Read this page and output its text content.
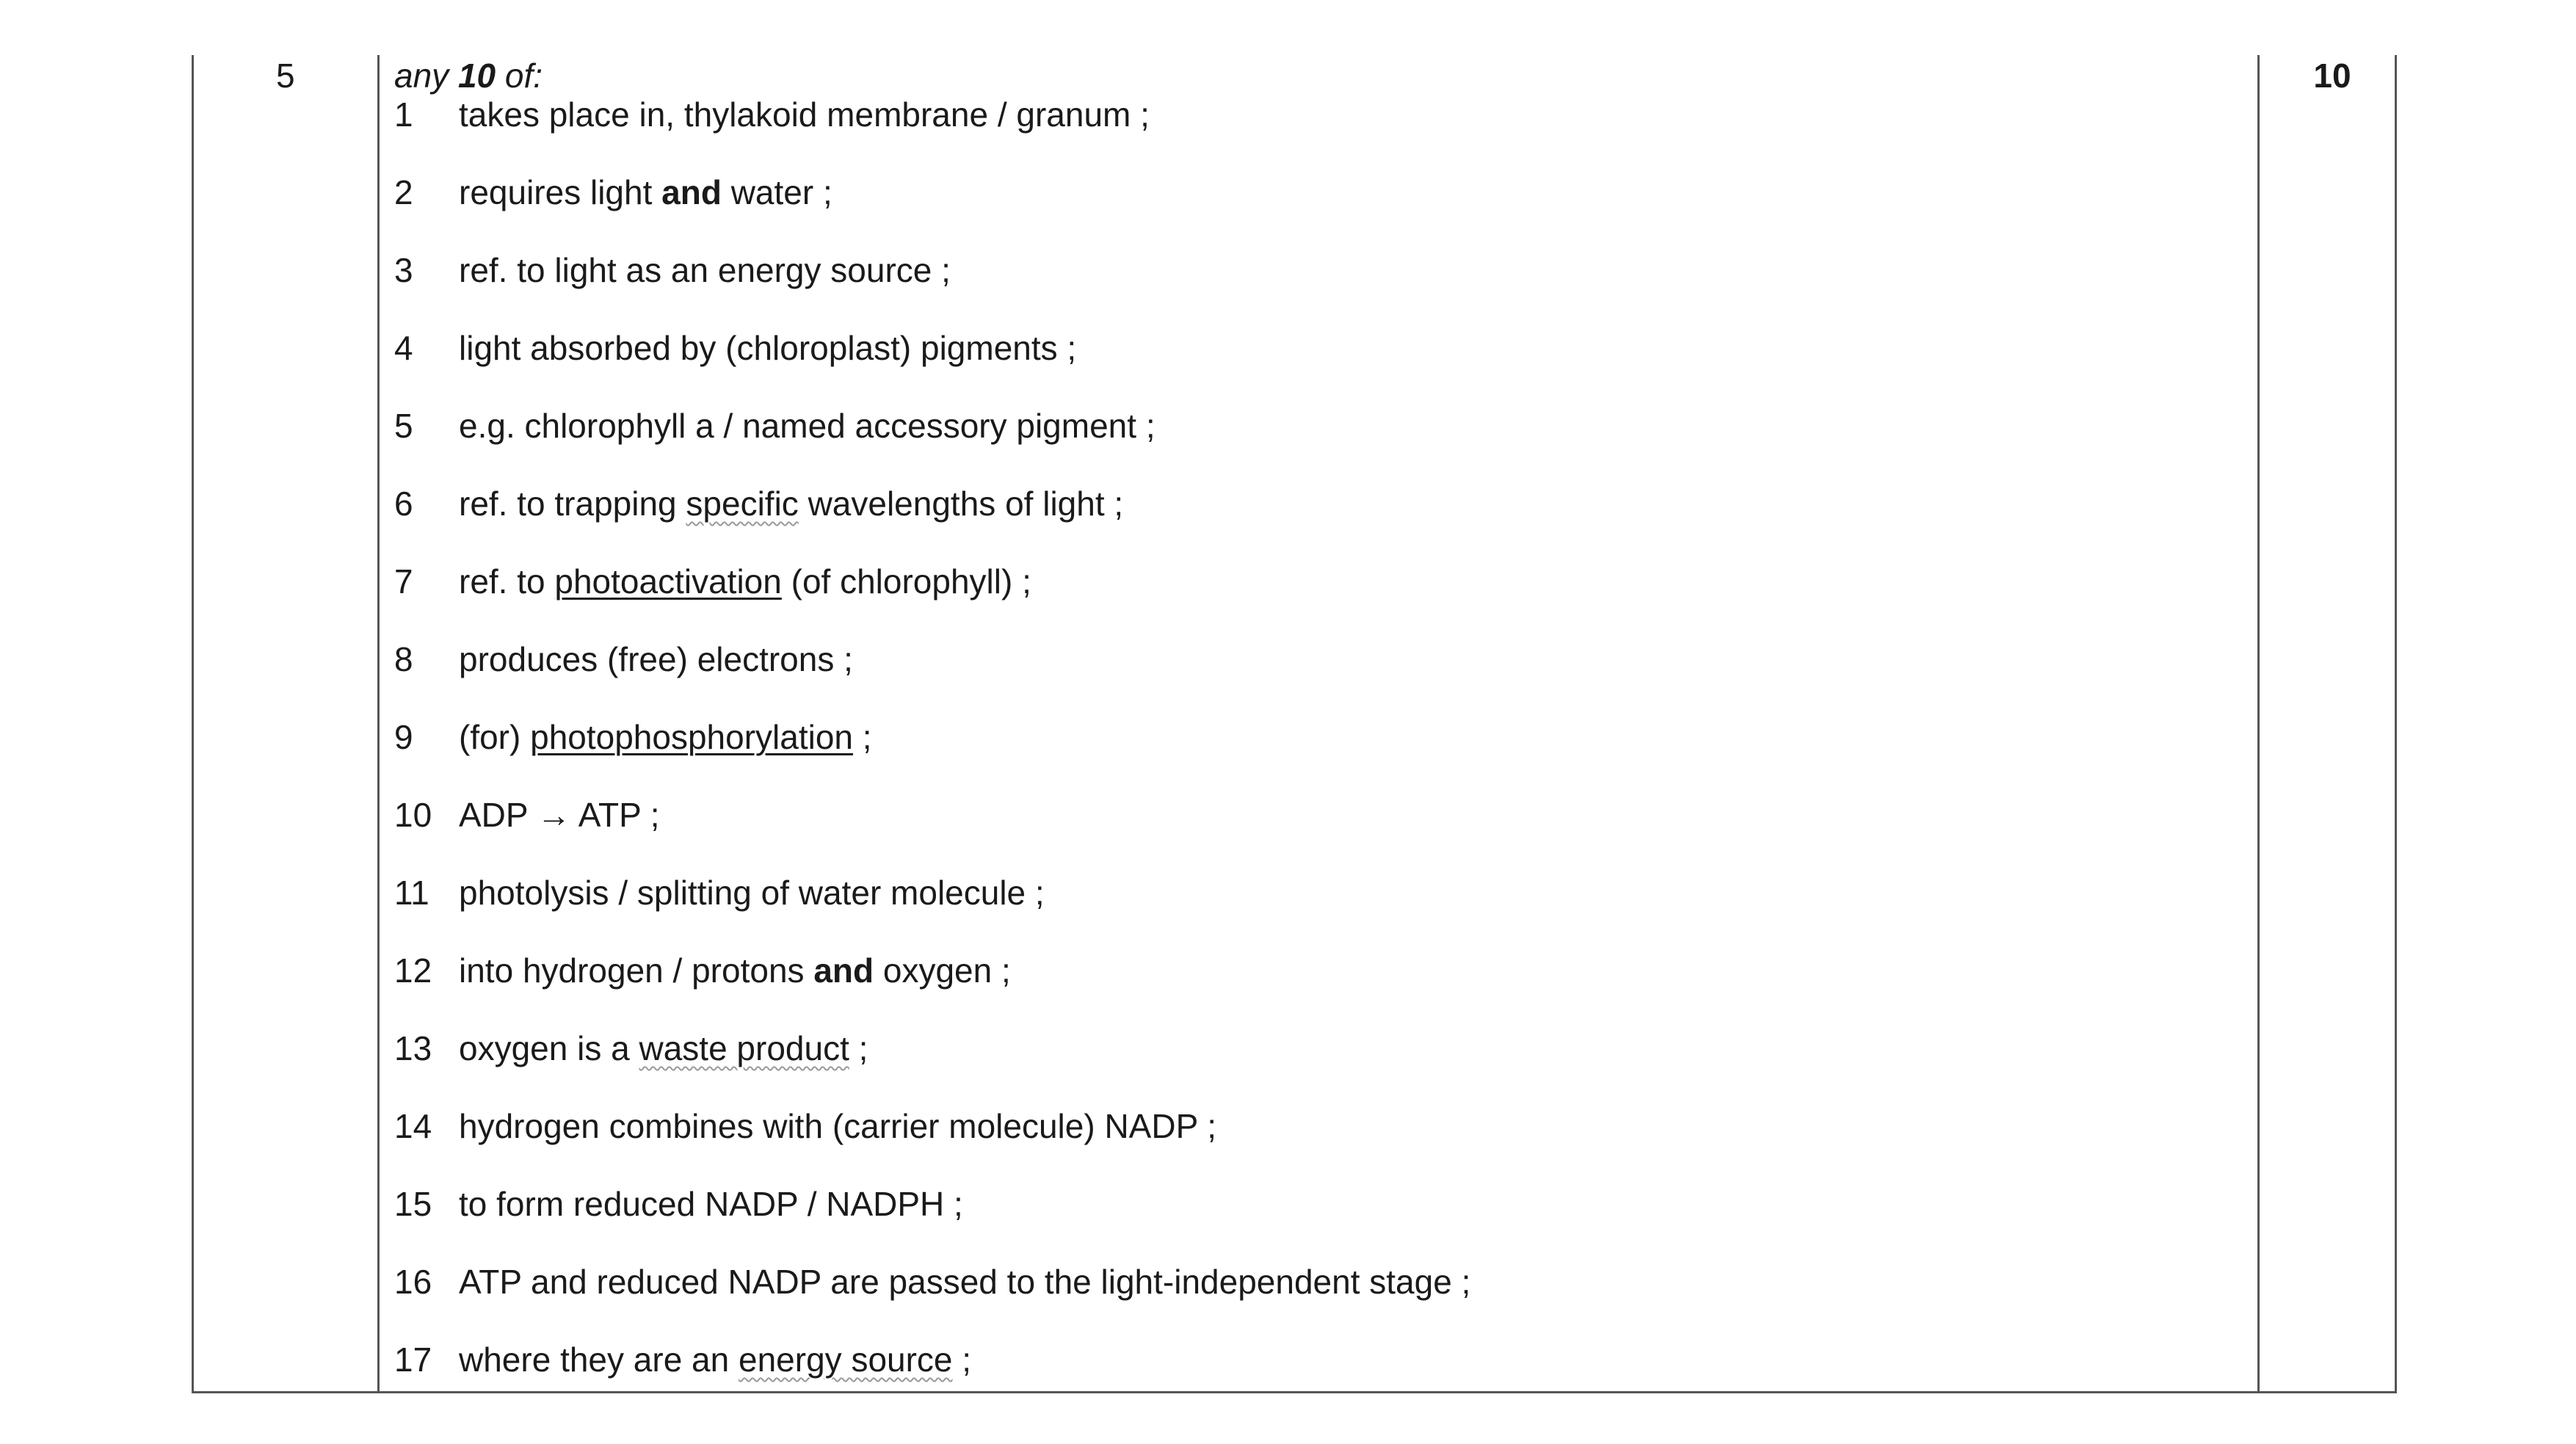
5	10
any 10 of:
1 takes place in, thylakoid membrane / granum ;
2 requires light and water ;
3 ref. to light as an energy source ;
4 light absorbed by (chloroplast) pigments ;
5 e.g. chlorophyll a / named accessory pigment ;
6 ref. to trapping specific wavelengths of light ;
7 ref. to photoactivation (of chlorophyll) ;
8 produces (free) electrons ;
9 (for) photophosphorylation ;
10 ADP → ATP ;
11 photolysis / splitting of water molecule ;
12 into hydrogen / protons and oxygen ;
13 oxygen is a waste product ;
14 hydrogen combines with (carrier molecule) NADP ;
15 to form reduced NADP / NADPH ;
16 ATP and reduced NADP are passed to the light-independent stage ;
17 where they are an energy source ;
